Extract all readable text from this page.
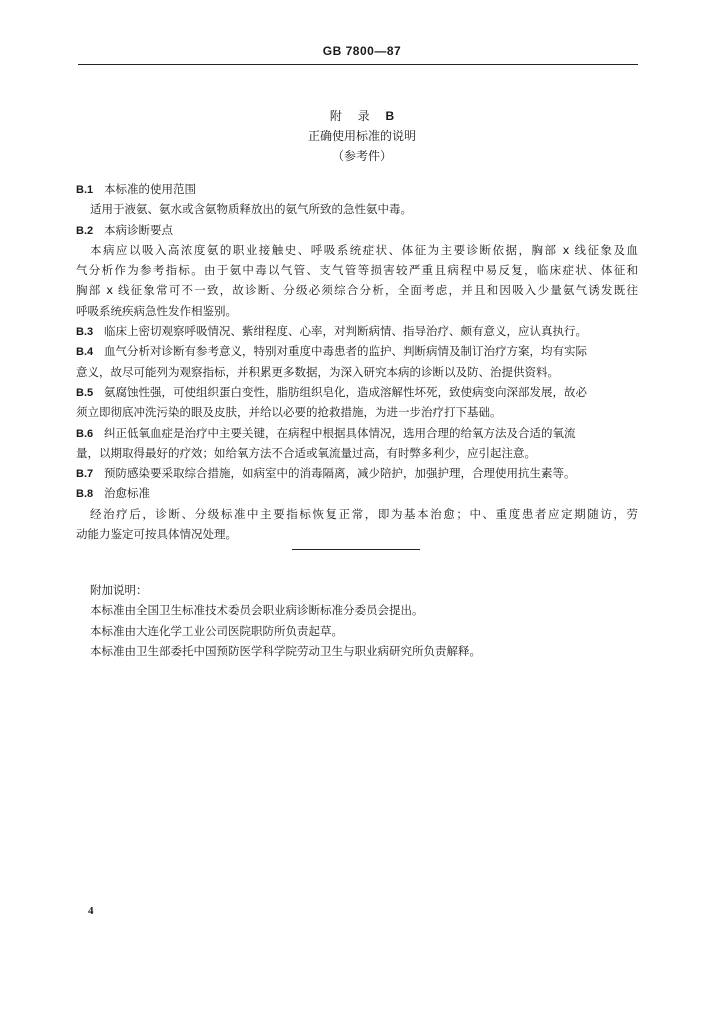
GB 7800—87
附 录 B
正确使用标准的说明
（参考件）
B.1 本标准的使用范围
适用于液氨、氨水或含氨物质释放出的氨气所致的急性氨中毒。
B.2 本病诊断要点
本病应以吸入高浓度氨的职业接触史、呼吸系统症状、体征为主要诊断依据，胸部 x 线征象及血
气分析作为参考指标。由于氨中毒以气管、支气管等损害较严重且病程中易反复，临床症状、体征和
胸部 x 线征象常可不一致，故诊断、分级必须综合分析，全面考虑，并且和因吸入少量氨气诱发既往
呼吸系统疾病急性发作相鉴别。
B.3 临床上密切观察呼吸情况、紫绀程度、心率，对判断病情、指导治疗、颇有意义，应认真执行。
B.4 血气分析对诊断有参考意义，特别对重度中毒患者的监护、判断病情及制订治疗方案，均有实际
意义，故尽可能列为观察指标，并积累更多数据，为深入研究本病的诊断以及防、治提供资料。
B.5 氨腐蚀性强，可使组织蛋白变性，脂肪组织皂化，造成溶解性坏死，致使病变向深部发展，故必
须立即彻底冲洗污染的眼及皮肤，并给以必要的抢救措施，为进一步治疗打下基础。
B.6 纠正低氧血症是治疗中主要关键，在病程中根据具体情况，选用合理的给氧方法及合适的氧流
量，以期取得最好的疗效；如给氧方法不合适或氧流量过高，有时弊多利少，应引起注意。
B.7 预防感染要采取综合措施，如病室中的消毒隔离，减少陪护，加强护理，合理使用抗生素等。
B.8 治愈标准
经治疗后，诊断、分级标准中主要指标恢复正常，即为基本治愈；中、重度患者应定期随访，劳
动能力鉴定可按具体情况处理。
附加说明：
本标准由全国卫生标准技术委员会职业病诊断标准分委员会提出。
本标准由大连化学工业公司医院职防所负责起草。
本标准由卫生部委托中国预防医学科学院劳动卫生与职业病研究所负责解释。
4
